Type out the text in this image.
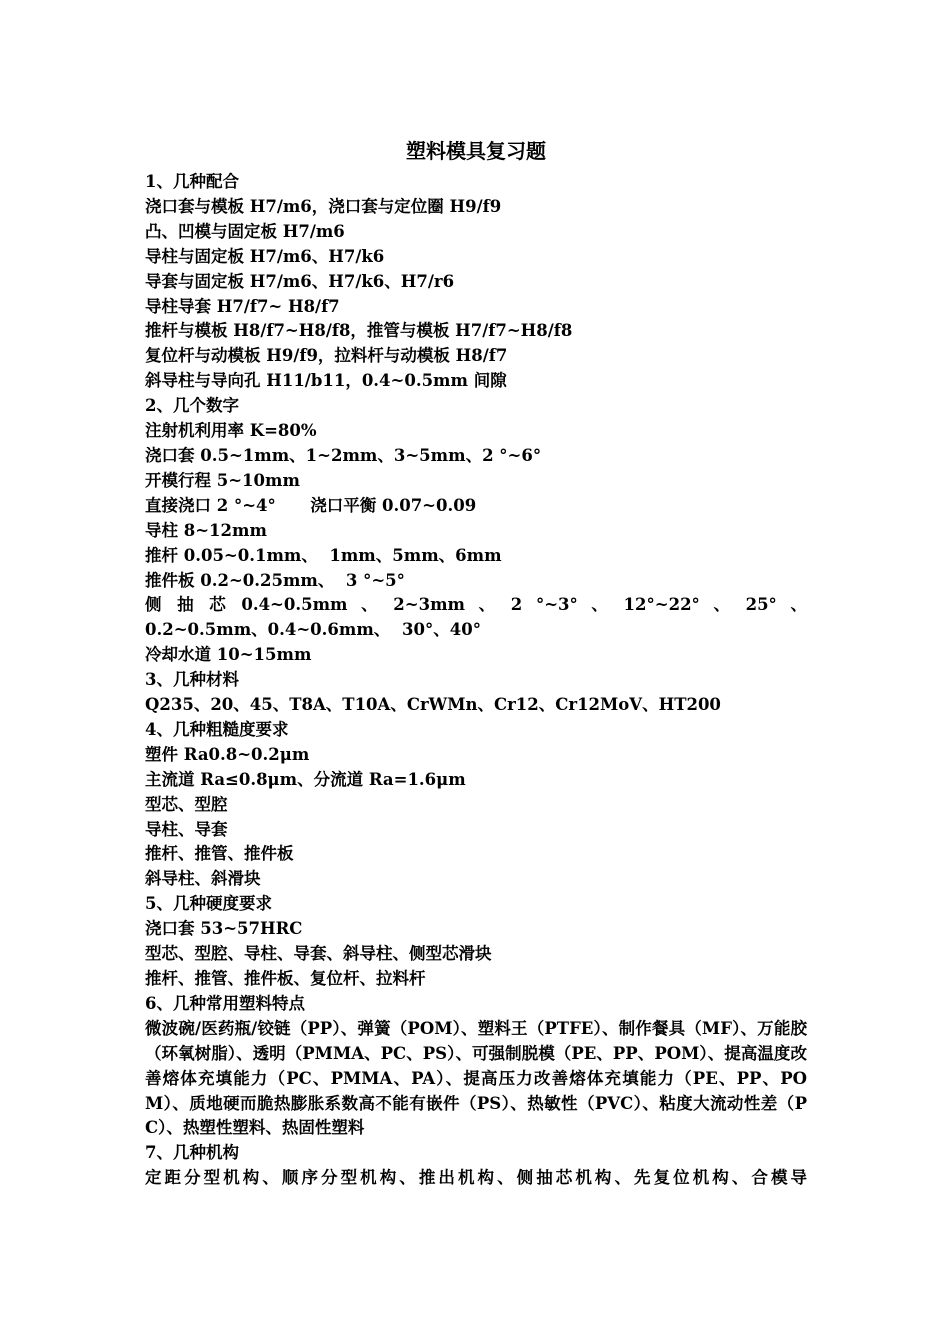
塑料模具复习题

1、几种配合

浇口套与模板 H7/m6，浇口套与定位圈 H9/f9

凸、凹模与固定板 H7/m6

导柱与固定板 H7/m6、H7/k6

导套与固定板 H7/m6、H7/k6、H7/r6

导柱导套 H7/f7~ H8/f7

推杆与模板 H8/f7~H8/f8，推管与模板 H7/f7~H8/f8

复位杆与动模板 H9/f9，拉料杆与动模板 H8/f7

斜导柱与导向孔 H11/b11，0.4~0.5mm 间隙

2、几个数字

注射机利用率 K=80%

浇口套 0.5~1mm、1~2mm、3~5mm、2 °~6°

开模行程 5~10mm

直接浇口 2 °~4°      浇口平衡 0.07~0.09

导柱 8~12mm

推杆 0.05~0.1mm、  1mm、5mm、6mm

推件板 0.2~0.25mm、  3 °~5°

侧 抽 芯 0.4~0.5mm 、 2~3mm 、 2 °~3° 、 12°~22° 、 25° 、 0.2~0.5mm、0.4~0.6mm、 30°、40°

冷却水道 10~15mm

3、几种材料

Q235、20、45、T8A、T10A、CrWMn、Cr12、Cr12MoV、HT200

4、几种粗糙度要求

塑件 Ra0.8~0.2μm

主流道 Ra≤0.8μm、分流道 Ra=1.6μm

型芯、型腔

导柱、导套

推杆、推管、推件板

斜导柱、斜滑块

5、几种硬度要求

浇口套 53~57HRC

型芯、型腔、导柱、导套、斜导柱、侧型芯滑块

推杆、推管、推件板、复位杆、拉料杆

6、几种常用塑料特点

微波碗/医药瓶/铰链（PP）、弹簧（POM）、塑料王（PTFE）、制作餐具（MF）、万能胶（环氧树脂）、透明（PMMA、PC、PS）、可强制脱模（PE、PP、POM）、提高温度改善熔体充填能力（PC、PMMA、PA）、提高压力改善熔体充填能力（PE、PP、POM）、质地硬而脆热膨胀系数高不能有嵌件（PS）、热敏性（PVC）、粘度大流动性差（PC）、热塑性塑料、热固性塑料

7、几种机构

定距分型机构、顺序分型机构、推出机构、侧抽芯机构、先复位机构、合模导
